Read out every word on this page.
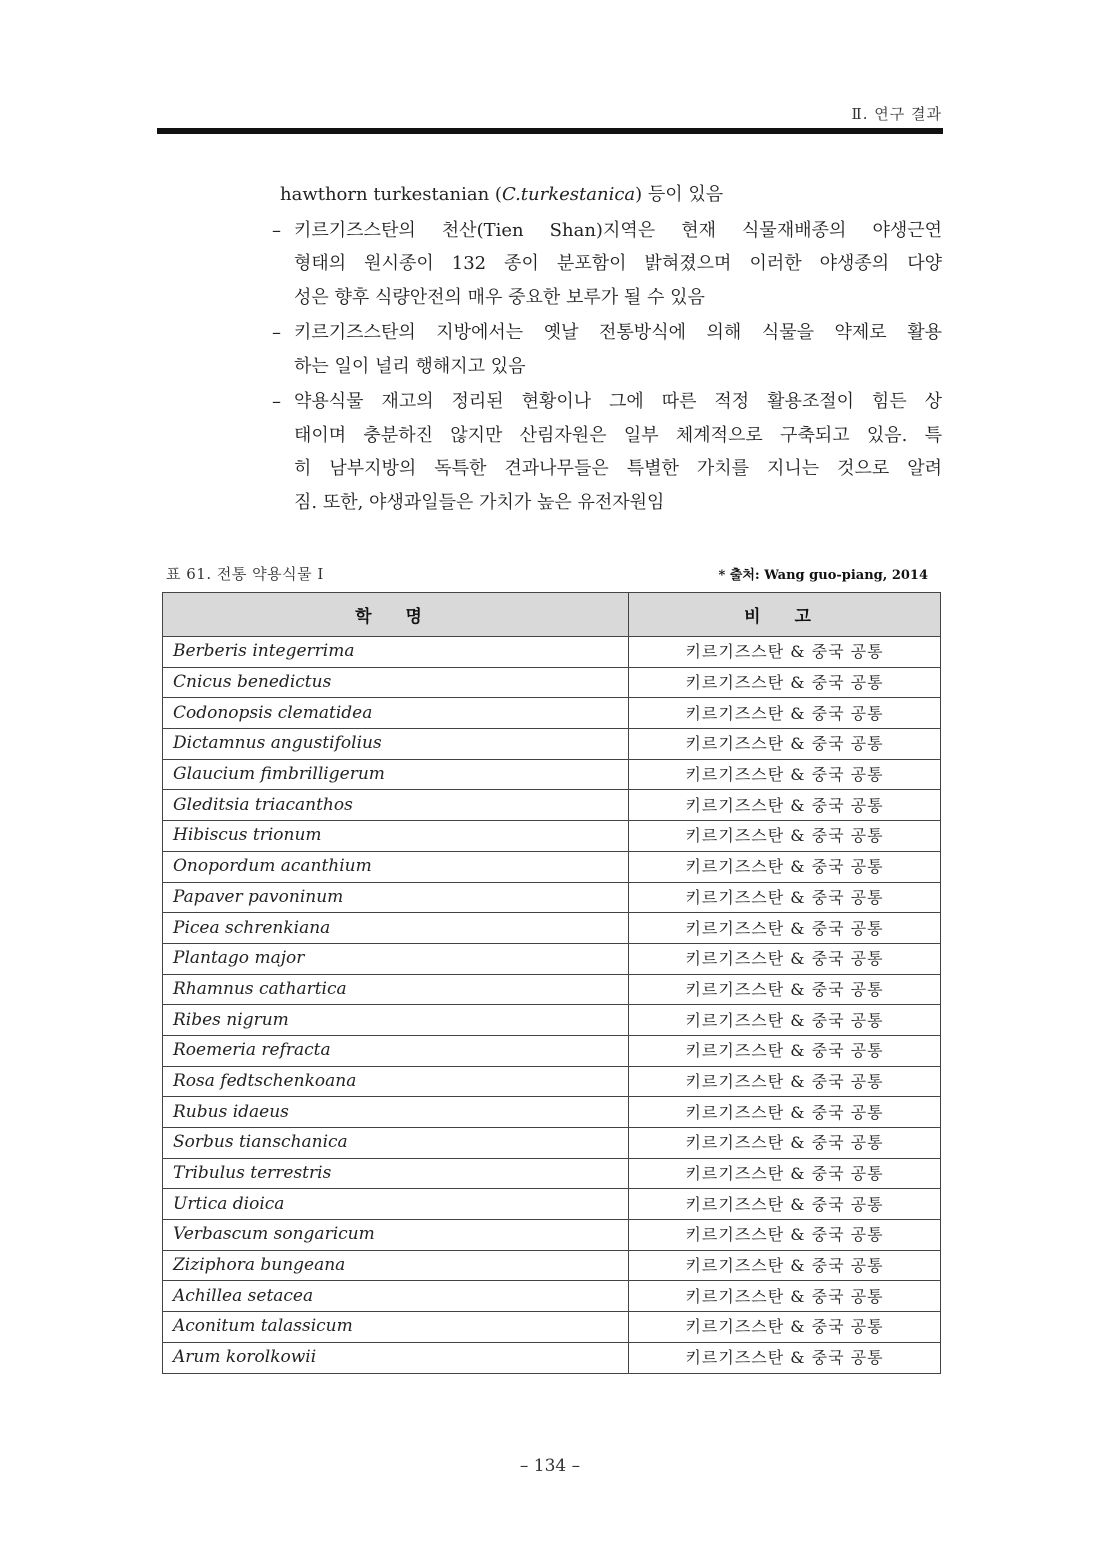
Ⅱ. 연구 결과
hawthorn turkestanian (C.turkestanica) 등이 있음
– 키르기즈스탄의 천산(Tien Shan)지역은 현재 식물재배종의 야생근연
형태의 원시종이 132 종이 분포함이 밝혀졌으며 이러한 야생종의 다양
성은 향후 식량안전의 매우 중요한 보루가 될 수 있음
– 키르기즈스탄의 지방에서는 옛날 전통방식에 의해 식물을 약제로 활용
하는 일이 널리 행해지고 있음
– 약용식물 재고의 정리된 현황이나 그에 따른 적정 활용조절이 힘든 상
태이며 충분하진 않지만 산림자원은 일부 체계적으로 구축되고 있음. 특
히 남부지방의 독특한 견과나무들은 특별한 가치를 지니는 것으로 알려
짐. 또한, 야생과일들은 가치가 높은 유전자원임
표 61. 전통 약용식물 I	* 출처: Wang guo-piang, 2014
학 명	비 고
Berberis integerrima	키르기즈스탄 & 중국 공통
Cnicus benedictus	키르기즈스탄 & 중국 공통
Codonopsis clematidea	키르기즈스탄 & 중국 공통
Dictamnus angustifolius	키르기즈스탄 & 중국 공통
Glaucium fimbrilligerum	키르기즈스탄 & 중국 공통
Gleditsia triacanthos	키르기즈스탄 & 중국 공통
Hibiscus trionum	키르기즈스탄 & 중국 공통
Onopordum acanthium	키르기즈스탄 & 중국 공통
Papaver pavoninum	키르기즈스탄 & 중국 공통
Picea schrenkiana	키르기즈스탄 & 중국 공통
Plantago major	키르기즈스탄 & 중국 공통
Rhamnus cathartica	키르기즈스탄 & 중국 공통
Ribes nigrum	키르기즈스탄 & 중국 공통
Roemeria refracta	키르기즈스탄 & 중국 공통
Rosa fedtschenkoana	키르기즈스탄 & 중국 공통
Rubus idaeus	키르기즈스탄 & 중국 공통
Sorbus tianschanica	키르기즈스탄 & 중국 공통
Tribulus terrestris	키르기즈스탄 & 중국 공통
Urtica dioica	키르기즈스탄 & 중국 공통
Verbascum songaricum	키르기즈스탄 & 중국 공통
Ziziphora bungeana	키르기즈스탄 & 중국 공통
Achillea setacea	키르기즈스탄 & 중국 공통
Aconitum talassicum	키르기즈스탄 & 중국 공통
Arum korolkowii	키르기즈스탄 & 중국 공통
– 134 –
